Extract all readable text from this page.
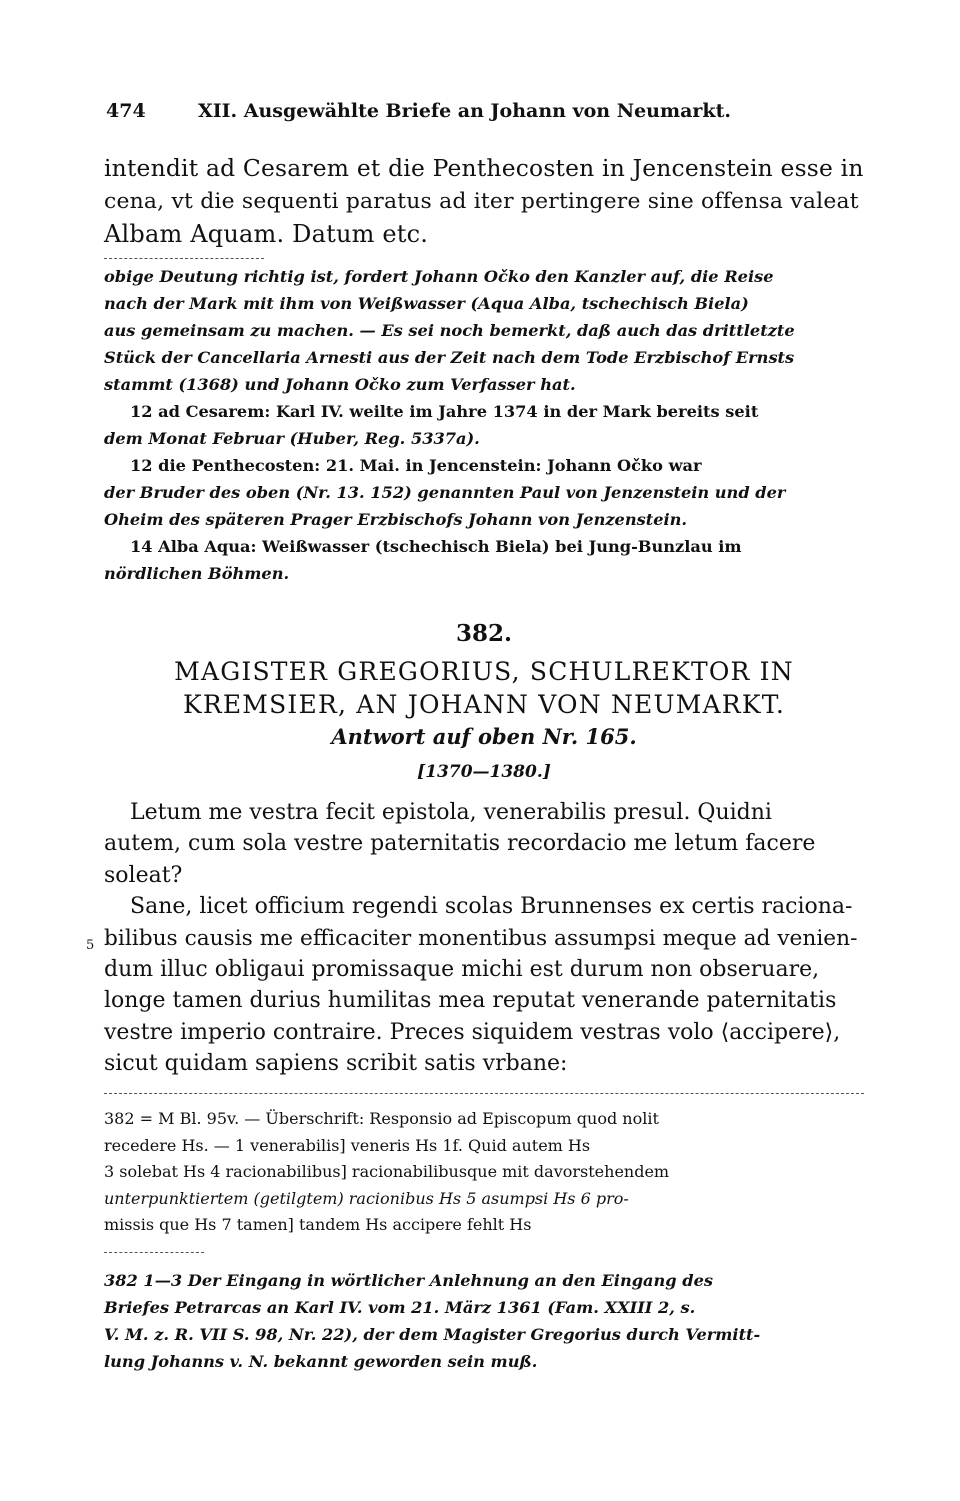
474	XII. Ausgewählte Briefe an Johann von Neumarkt.
intendit ad Cesarem et die Penthecosten in Jencenstein esse in
cena, vt die sequenti paratus ad iter pertingere sine offensa valeat
Albam Aquam. Datum etc.
obige Deutung richtig ist, fordert Johann Očko den Kanzler auf, die Reise
nach der Mark mit ihm von Weißwasser (Aqua Alba, tschechisch Biela)
aus gemeinsam zu machen. — Es sei noch bemerkt, daß auch das drittletzte
Stück der Cancellaria Arnesti aus der Zeit nach dem Tode Erzbischof Ernsts
stammt (1368) und Johann Očko zum Verfasser hat.
12 ad Cesarem: Karl IV. weilte im Jahre 1374 in der Mark bereits seit
dem Monat Februar (Huber, Reg. 5337a).
12 die Penthecosten: 21. Mai. in Jencenstein: Johann Očko war
der Bruder des oben (Nr. 13. 152) genannten Paul von Jenzenstein und der
Oheim des späteren Prager Erzbischofs Johann von Jenzenstein.
14 Alba Aqua: Weißwasser (tschechisch Biela) bei Jung-Bunzlau im
nördlichen Böhmen.
382.
MAGISTER GREGORIUS, SCHULREKTOR IN
KREMSIER, AN JOHANN VON NEUMARKT.
Antwort auf oben Nr. 165.
[1370—1380.]
Letum me vestra fecit epistola, venerabilis presul. Quidni
autem, cum sola vestre paternitatis recordacio me letum facere
soleat?
Sane, licet officium regendi scolas Brunnenses ex certis raciona-
5 bilibus causis me efficaciter monentibus assumpsi meque ad venien-
dum illuc obligaui promissaque michi est durum non obseruare,
longe tamen durius humilitas mea reputat venerande paternitatis
vestre imperio contraire. Preces siquidem vestras volo ⟨accipere⟩,
sicut quidam sapiens scribit satis vrbane:
382 = M Bl. 95v. — Überschrift: Responsio ad Episcopum quod nolit
recedere Hs. — 1 venerabilis] veneris Hs 1f. Quid autem Hs
3 solebat Hs 4 racionabilibus] racionabilibusque mit davorstehendem
unterpunktiertem (getilgtem) racionibus Hs 5 asumpsi Hs 6 pro-
missis que Hs 7 tamen] tandem Hs accipere fehlt Hs
382 1—3 Der Eingang in wörtlicher Anlehnung an den Eingang des
Briefes Petrarcas an Karl IV. vom 21. März 1361 (Fam. XXIII 2, s.
V. M. z. R. VII S. 98, Nr. 22), der dem Magister Gregorius durch Vermitt-
lung Johanns v. N. bekannt geworden sein muß.
